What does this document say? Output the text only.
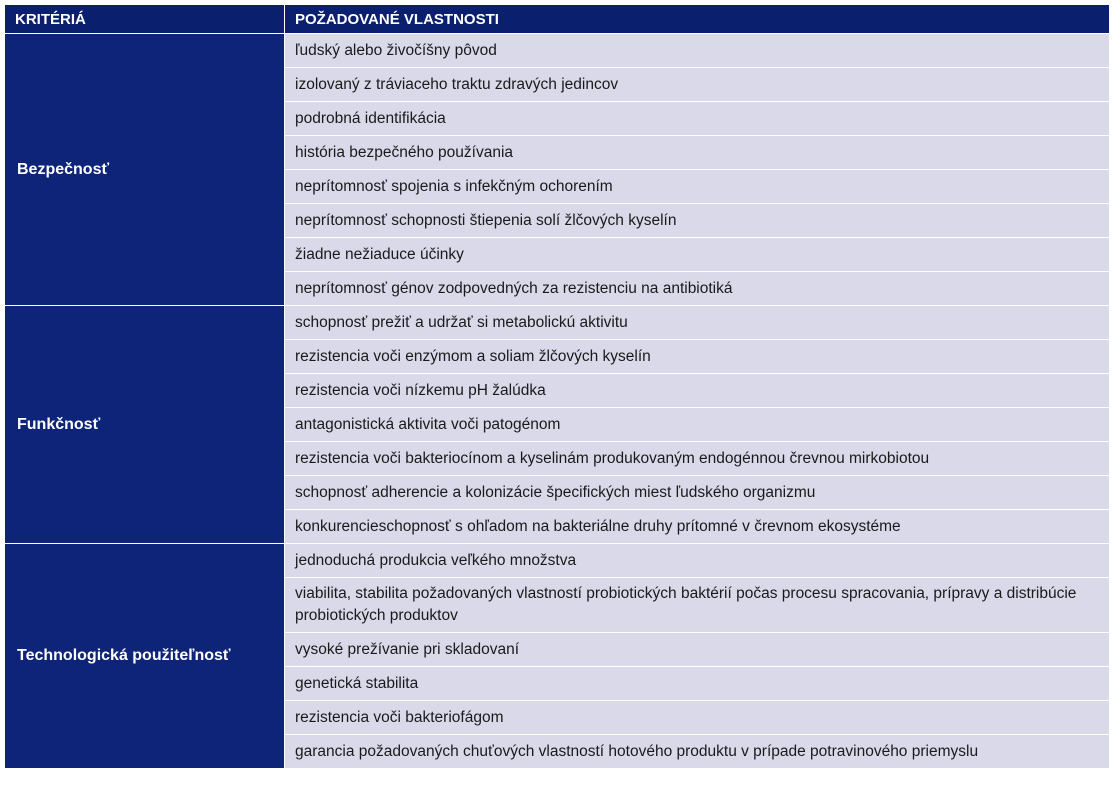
KRITÉRIÁ	POŽADOVANÉ VLASTNOSTI
Bezpečnosť	ľudský alebo živočíšny pôvod
	izolovaný z tráviaceho traktu zdravých jedincov
	podrobná identifikácia
	história bezpečného používania
	neprítomnosť spojenia s infekčným ochorením
	neprítomnosť schopnosti štiepenia solí žlčových kyselín
	žiadne nežiaduce účinky
	neprítomnosť génov zodpovedných za rezistenciu na antibiotiká
Funkčnosť	schopnosť prežiť a udržať si metabolickú aktivitu
	rezistencia voči enzýmom a soliam žlčových kyselín
	rezistencia voči nízkemu pH žalúdka
	antagonistická aktivita voči patogénom
	rezistencia voči bakteriocínom a kyselinám produkovaným endogénnou črevnou mirkobiotou
	schopnosť adherencie a kolonizácie špecifických miest ľudského organizmu
	konkurencieschopnosť s ohľadom na bakteriálne druhy prítomné v črevnom ekosystéme
Technologická použiteľnosť	jednoduchá produkcia veľkého množstva
	viabilita, stabilita požadovaných vlastností probiotických baktérií počas procesu spracovania, prípravy a distribúcie probiotických produktov
	vysoké prežívanie pri skladovaní
	genetická stabilita
	rezistencia voči bakteriofágom
	garancia požadovaných chuťových vlastností hotového produktu v prípade potravinového priemyslu
